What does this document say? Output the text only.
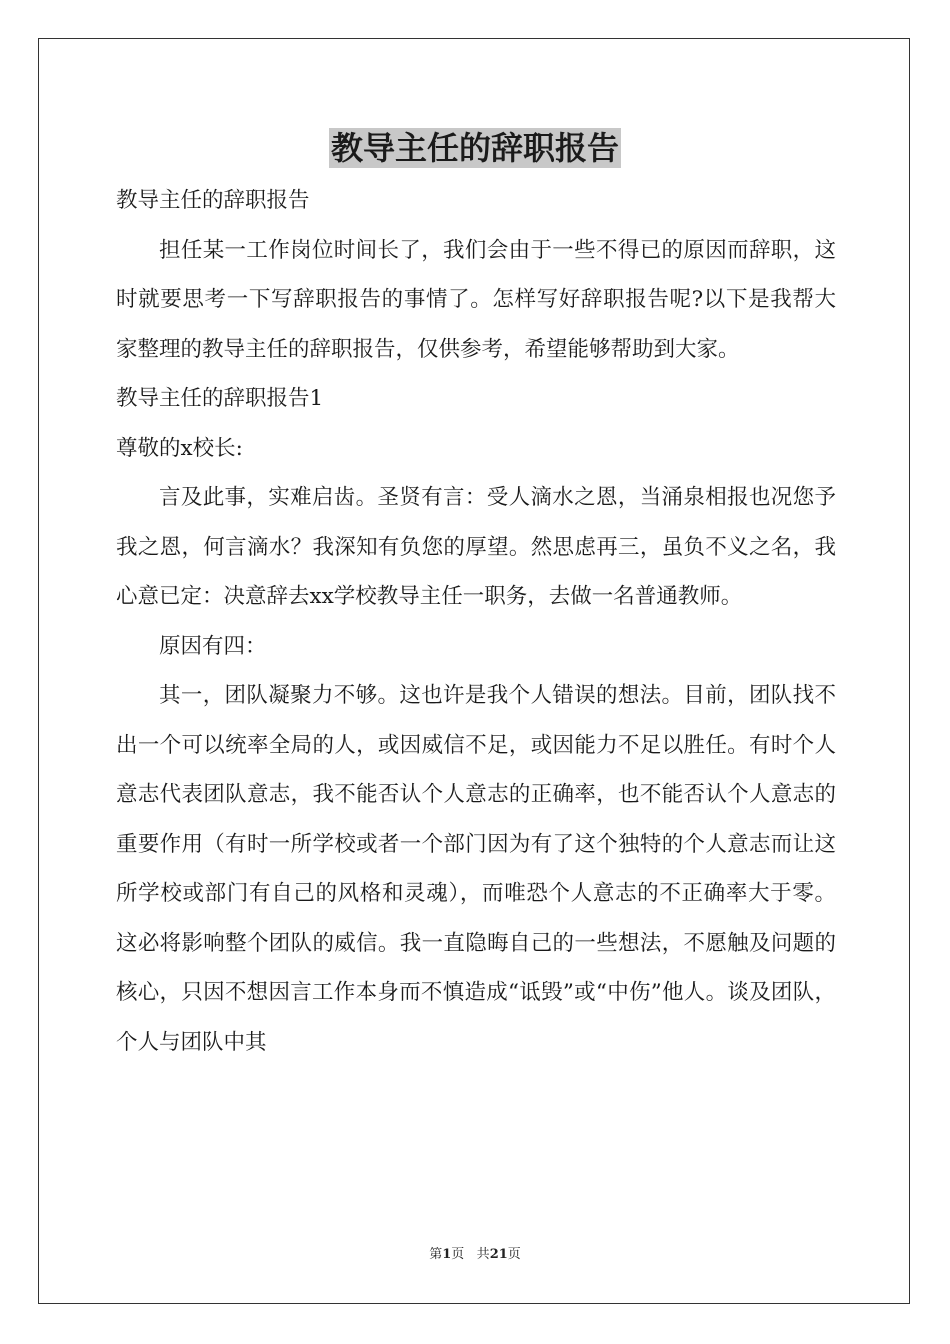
教导主任的辞职报告

教导主任的辞职报告

担任某一工作岗位时间长了，我们会由于一些不得已的原因而辞职，这时就要思考一下写辞职报告的事情了。怎样写好辞职报告呢?以下是我帮大家整理的教导主任的辞职报告，仅供参考，希望能够帮助到大家。

教导主任的辞职报告1

尊敬的x校长:

言及此事，实难启齿。圣贤有言：受人滴水之恩，当涌泉相报也况您予我之恩，何言滴水？我深知有负您的厚望。然思虑再三，虽负不义之名，我心意已定：决意辞去xx学校教导主任一职务，去做一名普通教师。

原因有四：

其一，团队凝聚力不够。这也许是我个人错误的想法。目前，团队找不出一个可以统率全局的人，或因威信不足，或因能力不足以胜任。有时个人意志代表团队意志，我不能否认个人意志的正确率，也不能否认个人意志的重要作用（有时一所学校或者一个部门因为有了这个独特的个人意志而让这所学校或部门有自己的风格和灵魂），而唯恐个人意志的不正确率大于零。这必将影响整个团队的威信。我一直隐晦自己的一些想法，不愿触及问题的核心，只因不想因言工作本身而不慎造成“诋毁”或“中伤”他人。谈及团队，个人与团队中其

第1页 共21页
